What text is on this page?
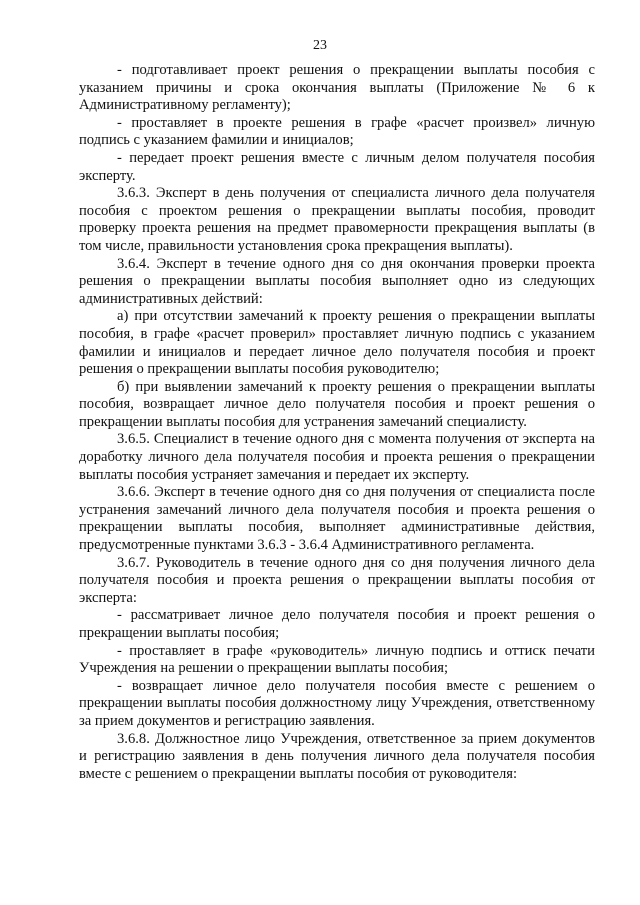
23

- подготавливает проект решения о прекращении выплаты пособия с указанием причины и срока окончания выплаты (Приложение № 6 к Административному регламенту);

- проставляет в проекте решения в графе «расчет произвел» личную подпись с указанием фамилии и инициалов;

- передает проект решения вместе с личным делом получателя пособия эксперту.

3.6.3. Эксперт в день получения от специалиста личного дела получателя пособия с проектом решения о прекращении выплаты пособия, проводит проверку проекта решения на предмет правомерности прекращения выплаты (в том числе, правильности установления срока прекращения выплаты).

3.6.4. Эксперт в течение одного дня со дня окончания проверки проекта решения о прекращении выплаты пособия выполняет одно из следующих административных действий:

а) при отсутствии замечаний к проекту решения о прекращении выплаты пособия, в графе «расчет проверил» проставляет личную подпись с указанием фамилии и инициалов и передает личное дело получателя пособия и проект решения о прекращении выплаты пособия руководителю;

б) при выявлении замечаний к проекту решения о прекращении выплаты пособия, возвращает личное дело получателя пособия и проект решения о прекращении выплаты пособия для устранения замечаний специалисту.

3.6.5. Специалист в течение одного дня с момента получения от эксперта на доработку личного дела получателя пособия и проекта решения о прекращении выплаты пособия устраняет замечания и передает их эксперту.

3.6.6. Эксперт в течение одного дня со дня получения от специалиста после устранения замечаний личного дела получателя пособия и проекта решения о прекращении выплаты пособия, выполняет административные действия, предусмотренные пунктами 3.6.3 - 3.6.4 Административного регламента.

3.6.7. Руководитель в течение одного дня со дня получения личного дела получателя пособия и проекта решения о прекращении выплаты пособия от эксперта:

- рассматривает личное дело получателя пособия и проект решения о прекращении выплаты пособия;

- проставляет в графе «руководитель» личную подпись и оттиск печати Учреждения на решении о прекращении выплаты пособия;

- возвращает личное дело получателя пособия вместе с решением о прекращении выплаты пособия должностному лицу Учреждения, ответственному за прием документов и регистрацию заявления.

3.6.8. Должностное лицо Учреждения, ответственное за прием документов и регистрацию заявления в день получения личного дела получателя пособия вместе с решением о прекращении выплаты пособия от руководителя:
